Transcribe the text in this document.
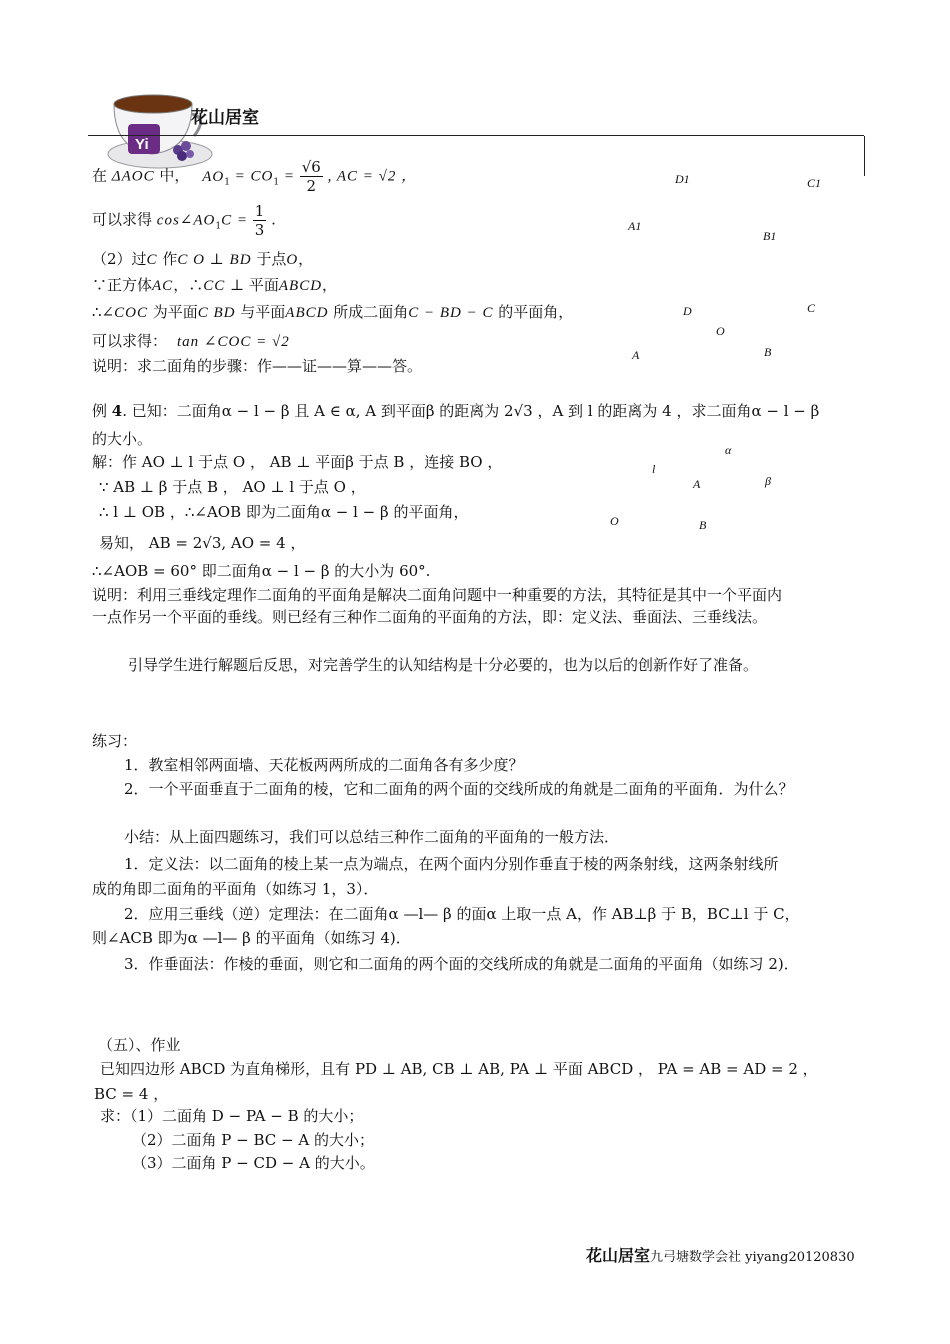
Yi
花山居室
D1	C1
A1
B1
D	C
O
A	B
在 ΔAOC 中， $AO_1 = CO_1 = \frac{√6}{2}$ , AC = √2 ，
可以求得 $\cos\angle AO_1C = \frac{1}{3}$ .
（2）过C 作C O ⊥ BD 于点O，
∵正方体AC，∴CC ⊥ 平面ABCD，
∴∠COC 为平面C BD 与平面ABCD 所成二面角C − BD − C 的平面角，
可以求得： tan ∠COC = √2
说明：求二面角的步骤：作——证——算——答。
例 4. 已知：二面角α − l − β 且 A ∈ α, A 到平面β 的距离为 2√3 ，A 到 l 的距离为 4 ，求二面角α − l − β
的大小。
α
l
A	β
O	B
解：作 AO ⊥ l 于点 O ， AB ⊥ 平面β 于点 B ，连接 BO ，
∵ AB ⊥ β 于点 B ， AO ⊥ l 于点 O ，
∴ l ⊥ OB ，∴∠AOB 即为二面角α − l − β 的平面角，
易知， AB = 2√3, AO = 4 ，
∴∠AOB = 60° 即二面角α − l − β 的大小为 60°.
说明：利用三垂线定理作二面角的平面角是解决二面角问题中一种重要的方法，其特征是其中一个平面内
一点作另一个平面的垂线。则已经有三种作二面角的平面角的方法，即：定义法、垂面法、三垂线法。
引导学生进行解题后反思，对完善学生的认知结构是十分必要的，也为以后的创新作好了准备。
练习：
1．教室相邻两面墙、天花板两两所成的二面角各有多少度？
2．一个平面垂直于二面角的棱，它和二面角的两个面的交线所成的角就是二面角的平面角．为什么？
小结：从上面四题练习，我们可以总结三种作二面角的平面角的一般方法．
1．定义法：以二面角的棱上某一点为端点，在两个面内分别作垂直于棱的两条射线，这两条射线所
成的角即二面角的平面角（如练习 1，3）．
2．应用三垂线（逆）定理法：在二面角α —l— β 的面α 上取一点 A，作 AB⊥β 于 B，BC⊥l 于 C，
则∠ACB 即为α —l— β 的平面角（如练习 4)．
3．作垂面法：作棱的垂面，则它和二面角的两个面的交线所成的角就是二面角的平面角（如练习 2)．
（五）、作业
已知四边形 ABCD 为直角梯形，且有 PD ⊥ AB, CB ⊥ AB, PA ⊥ 平面 ABCD ， PA = AB = AD = 2 ，
BC = 4 ，
求：（1）二面角 D − PA − B 的大小；
（2）二面角 P − BC − A 的大小；
（3）二面角 P − CD − A 的大小。
花山居室九弓塘数学会社 yiyang20120830
